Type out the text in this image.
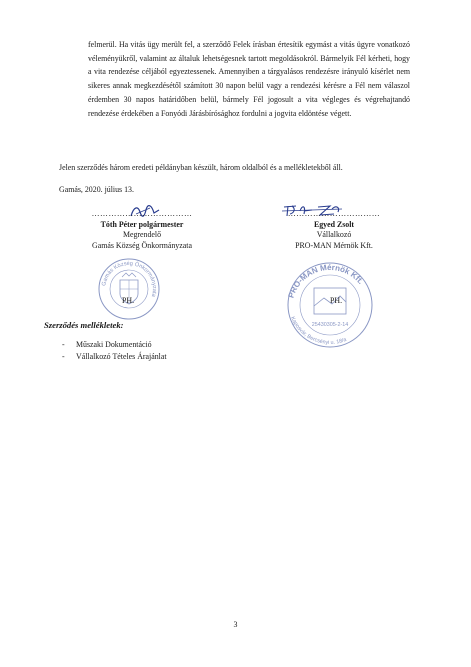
felmerül. Ha vitás ügy merült fel, a szerződő Felek írásban értesítik egymást a vitás ügyre vonatkozó véleményükről, valamint az általuk lehetségesnek tartott megoldásokról. Bármelyik Fél kérheti, hogy a vita rendezése céljából egyeztessenek. Amennyiben a tárgyalásos rendezésre irányuló kísérlet nem sikeres annak megkezdésétől számított 30 napon belül vagy a rendezési kérésre a Fél nem válaszol érdemben 30 napos határidőben belül, bármely Fél jogosult a vita végleges és végrehajtandó rendezése érdekében a Fonyódi Járásbírósághoz fordulni a jogvita eldöntése végett.

Jelen szerződés három eredeti példányban készült, három oldalból és a mellékletekből áll.

Gamás, 2020. július 13.

………………………………
Tóth Péter polgármester
Megrendelő
Gamás Község Önkormányzata
……………………………
Egyed Zsolt
Vállalkozó
PRO-MAN Mérnök Kft.
Gamás Község Önkormányzata
PH.
PRO-MAN Mérnök Kft.
Kaposvár, Bercsényi u. 18/a
25430305-2-14
PH.

Szerződés mellékletek:

- Műszaki Dokumentáció
- Vállalkozó Tételes Árajánlat
3
